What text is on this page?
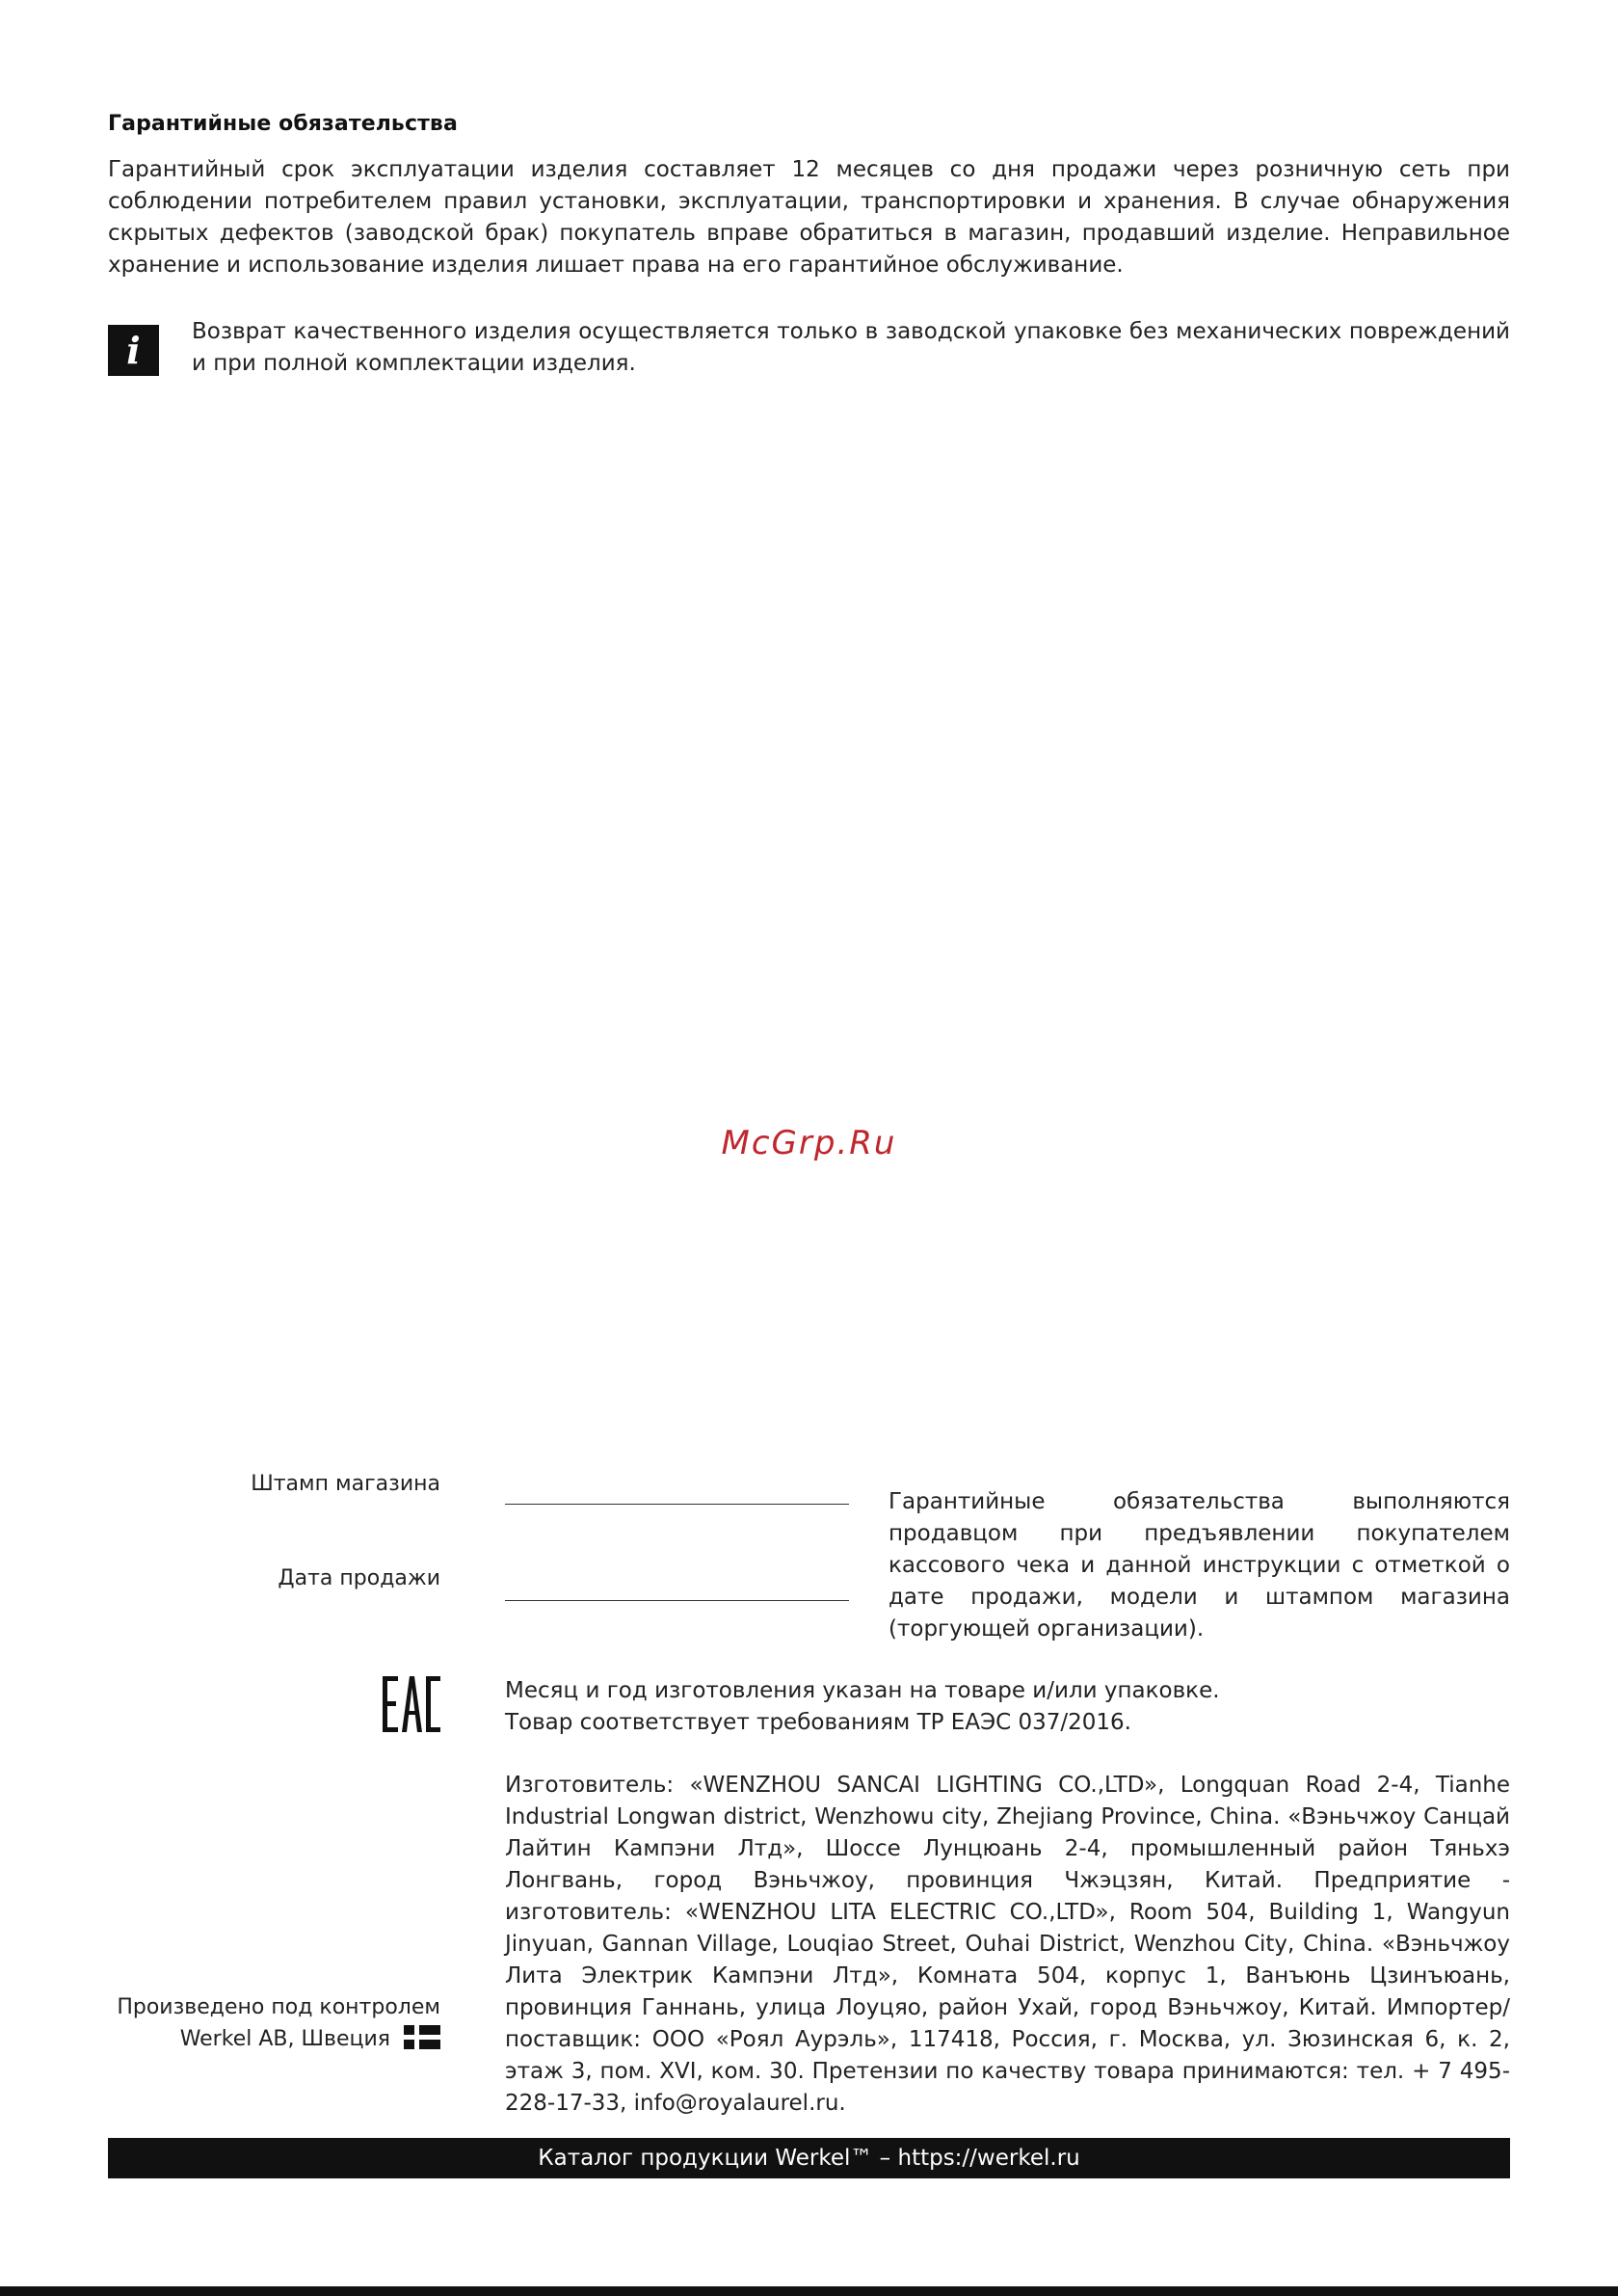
Гарантийные обязательства
Гарантийный срок эксплуатации изделия составляет 12 месяцев со дня продажи через розничную сеть при соблюдении потребителем правил установки, эксплуатации, транспортировки и хранения. В случае обнаружения скрытых дефектов (заводской брак) покупатель вправе обратиться в магазин, продавший изделие. Неправильное хранение и использование изделия лишает права на его гарантийное обслуживание.
i	Возврат качественного изделия осуществляется только в заводской упаковке без механических повреждений и при полной комплектации изделия.
McGrp.Ru
Штамп магазина
Дата продажи
Гарантийные обязательства выполняются продавцом при предъявлении покупателем кассового чека и данной инструкции с отметкой о дате продажи, модели и штампом магазина (торгующей организации).
Месяц и год изготовления указан на товаре и/или упаковке.
Товар соответствует требованиям ТР ЕАЭС 037/2016.
Изготовитель: «WENZHOU SANCAI LIGHTING CO.,LTD», Longquan Road 2-4, Tianhe Industrial Longwan district, Wenzhowu city, Zhejiang Province, China. «Вэньчжоу Санцай Лайтин Кампэни Лтд», Шоссе Лунцюань 2-4, промышленный район Тяньхэ Лонгвань, город Вэньчжоу, провинция Чжэцзян, Китай. Предприятие - изготовитель: «WENZHOU LITA ELECTRIC CO.,LTD», Room 504, Building 1, Wangyun Jinyuan, Gannan Village, Louqiao Street, Ouhai District, Wenzhou City, China. «Вэньчжоу Лита Электрик Кампэни Лтд», Комната 504, корпус 1, Ванъюнь Цзинъюань, провинция Ганнань, улица Лоуцяо, район Ухай, город Вэньчжоу, Китай. Импортер/поставщик: ООО «Роял Аурэль», 117418, Россия, г. Москва, ул. Зюзинская 6, к. 2, этаж 3, пом. XVI, ком. 30. Претензии по качеству товара принимаются: тел. + 7 495-228-17-33, info@royalaurel.ru.
Произведено под контролем
Werkel AB, Швеция
Каталог продукции Werkel™ – https://werkel.ru
